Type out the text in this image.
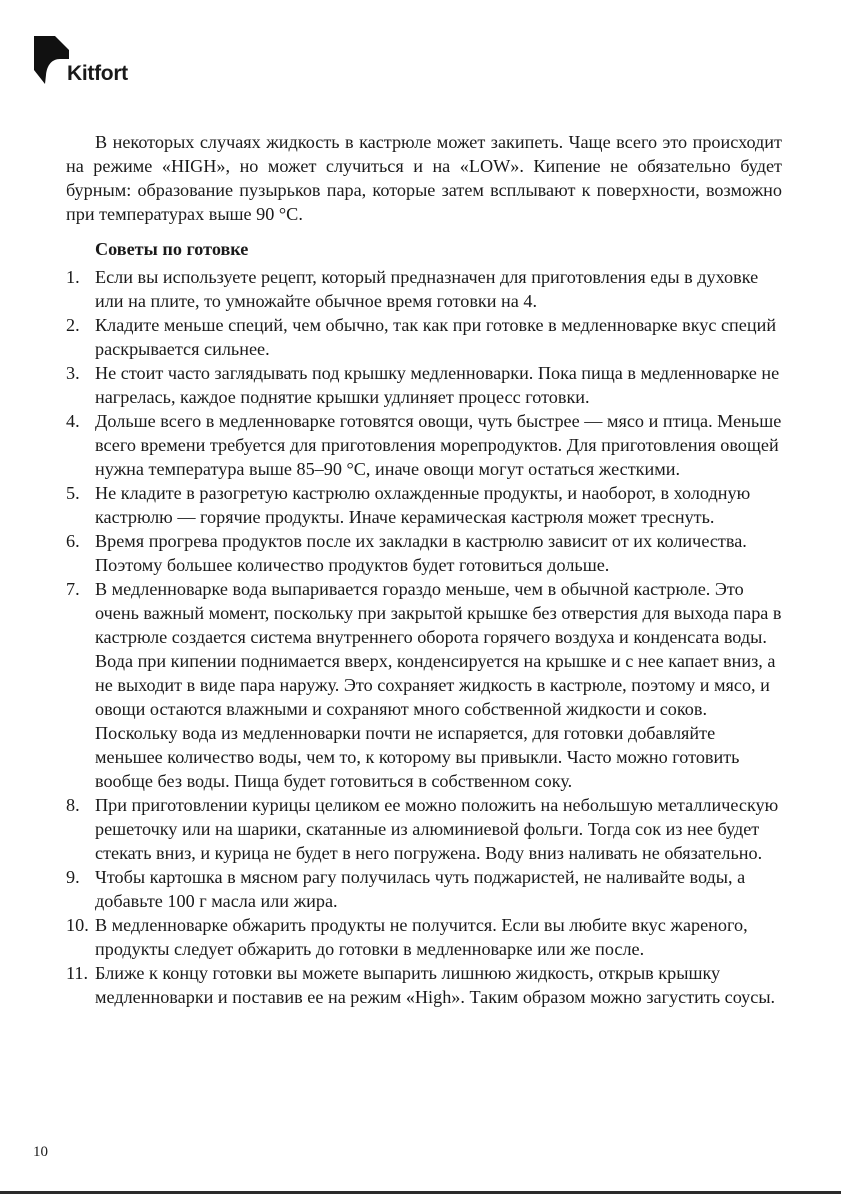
Kitfort

В некоторых случаях жидкость в кастрюле может закипеть. Чаще всего это происходит на режиме «HIGH», но может случиться и на «LOW». Кипение не обязательно будет бурным: образование пузырьков пара, которые затем всплывают к поверхности, возможно при температурах выше 90 °С.

Советы по готовке
1. Если вы используете рецепт, который предназначен для приготовления еды в духовке или на плите, то умножайте обычное время готовки на 4.

2. Кладите меньше специй, чем обычно, так как при готовке в медленноварке вкус специй раскрывается сильнее.

3. Не стоит часто заглядывать под крышку медленноварки. Пока пища в медленноварке не нагрелась, каждое поднятие крышки удлиняет процесс готовки.

4. Дольше всего в медленноварке готовятся овощи, чуть быстрее — мясо и птица. Меньше всего времени требуется для приготовления морепродуктов. Для приготовления овощей нужна температура выше 85–90 °С, иначе овощи могут остаться жесткими.

5. Не кладите в разогретую кастрюлю охлажденные продукты, и наоборот, в холодную кастрюлю — горячие продукты. Иначе керамическая кастрюля может треснуть.

6. Время прогрева продуктов после их закладки в кастрюлю зависит от их количества. Поэтому большее количество продуктов будет готовиться дольше.

7. В медленноварке вода выпаривается гораздо меньше, чем в обычной кастрюле. Это очень важный момент, поскольку при закрытой крышке без отверстия для выхода пара в кастрюле создается система внутреннего оборота горячего воздуха и конденсата воды. Вода при кипении поднимается вверх, конденсируется на крышке и с нее капает вниз, а не выходит в виде пара наружу. Это сохраняет жидкость в кастрюле, поэтому и мясо, и овощи остаются влажными и сохраняют много собственной жидкости и соков.

Поскольку вода из медленноварки почти не испаряется, для готовки добавляйте меньшее количество воды, чем то, к которому вы привыкли. Часто можно готовить вообще без воды. Пища будет готовиться в собственном соку.

8. При приготовлении курицы целиком ее можно положить на небольшую металлическую решеточку или на шарики, скатанные из алюминиевой фольги. Тогда сок из нее будет стекать вниз, и курица не будет в него погружена. Воду вниз наливать не обязательно.

9. Чтобы картошка в мясном рагу получилась чуть поджаристей, не наливайте воды, а добавьте 100 г масла или жира.

10. В медленноварке обжарить продукты не получится. Если вы любите вкус жареного, продукты следует обжарить до готовки в медленноварке или же после.

11. Ближе к концу готовки вы можете выпарить лишнюю жидкость, открыв крышку медленноварки и поставив ее на режим «High». Таким образом можно загустить соусы.

10
